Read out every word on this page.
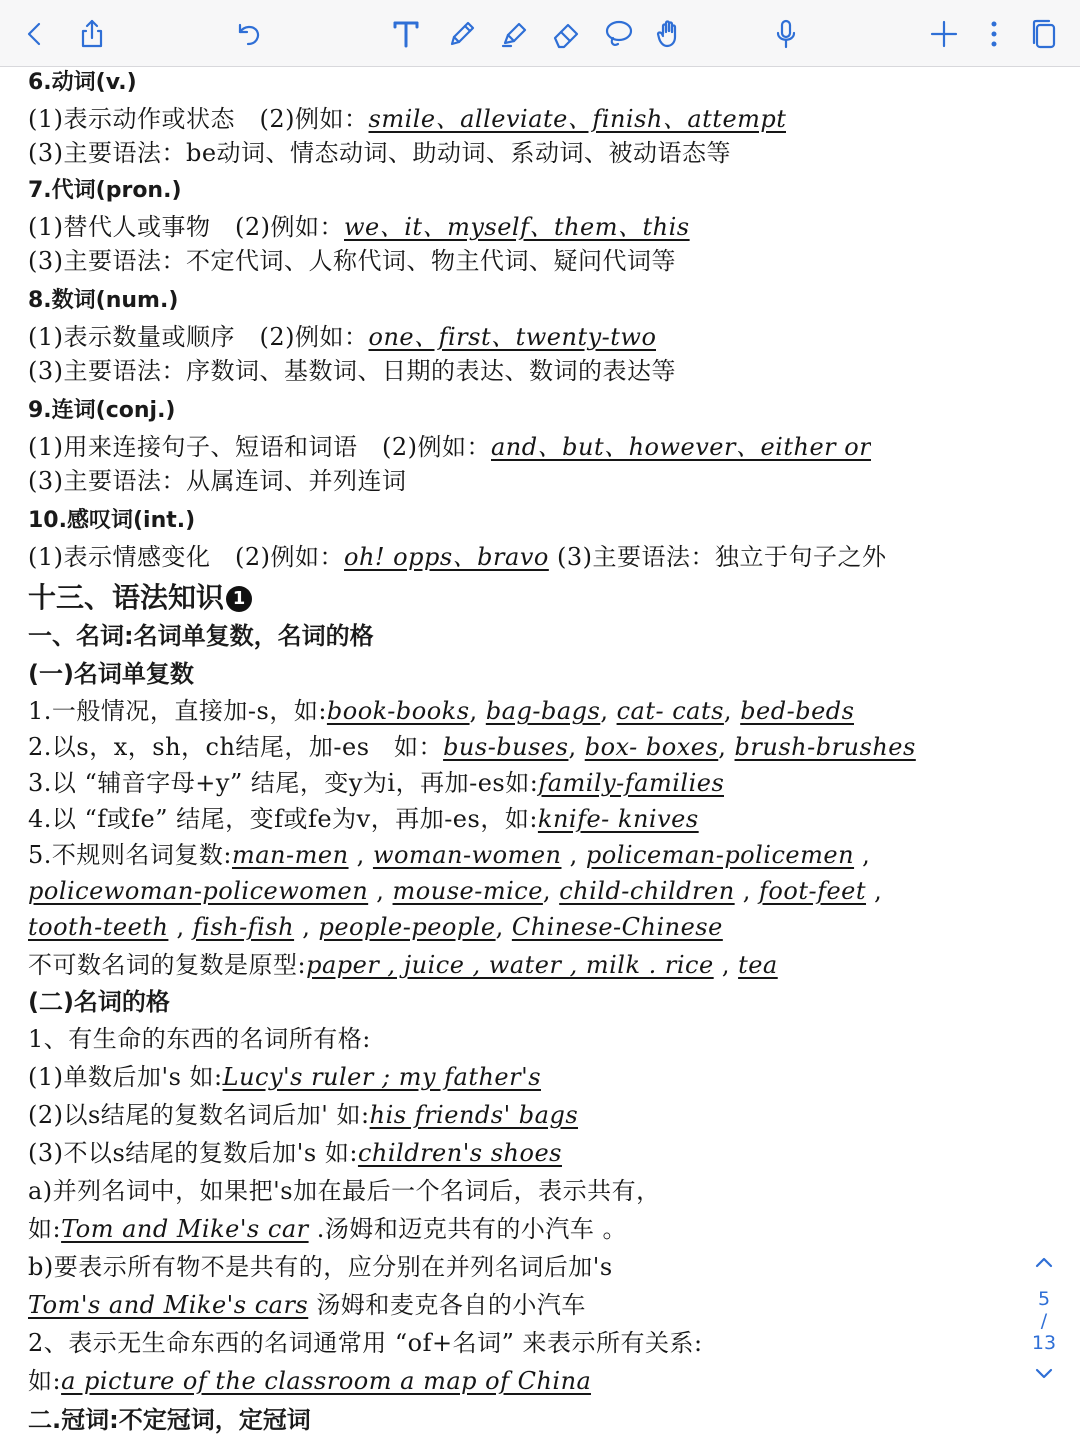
6.动词(v.)
(1)表示动作或状态　(2)例如：smile、alleviate、finish、attempt
(3)主要语法：be动词、情态动词、助动词、系动词、被动语态等
7.代词(pron.)
(1)替代人或事物　(2)例如：we、it、myself、them、this
(3)主要语法：不定代词、人称代词、物主代词、疑问代词等
8.数词(num.)
(1)表示数量或顺序　(2)例如：one、first、twenty-two
(3)主要语法：序数词、基数词、日期的表达、数词的表达等
9.连词(conj.)
(1)用来连接句子、短语和词语　(2)例如：and、but、however、either or
(3)主要语法：从属连词、并列连词
10.感叹词(int.)
(1)表示情感变化　(2)例如：oh! opps、bravo (3)主要语法：独立于句子之外
十三、语法知识 1
一、名词:名词单复数，名词的格
(一)名词单复数
1.一般情况，直接加-s，如:book-books, bag-bags, cat- cats, bed-beds
2.以s，x，sh，ch结尾，加-es　如：bus-buses, box- boxes, brush-brushes
3.以 “辅音字母+y” 结尾，变y为i，再加-es如:family-families
4.以 “f或fe” 结尾，变f或fe为v，再加-es，如:knife- knives
5.不规则名词复数:man-men , woman-women , policeman-policemen ,
policewoman-policewomen , mouse-mice, child-children , foot-feet ,
tooth-teeth , fish-fish , people-people, Chinese-Chinese
不可数名词的复数是原型:paper , juice , water , milk . rice , tea
(二)名词的格
1、有生命的东西的名词所有格:
(1)单数后加's 如:Lucy's ruler ; my father's
(2)以s结尾的复数名词后加' 如:his friends' bags
(3)不以s结尾的复数后加's 如:children's shoes
a)并列名词中，如果把's加在最后一个名词后，表示共有，
如:Tom and Mike's car .汤姆和迈克共有的小汽车 。
b)要表示所有物不是共有的，应分别在并列名词后加's
Tom's and Mike's cars 汤姆和麦克各自的小汽车
2、表示无生命东西的名词通常用 “of+名词” 来表示所有关系:
如:a picture of the classroom a map of China
二.冠词:不定冠词，定冠词
5
/
13
